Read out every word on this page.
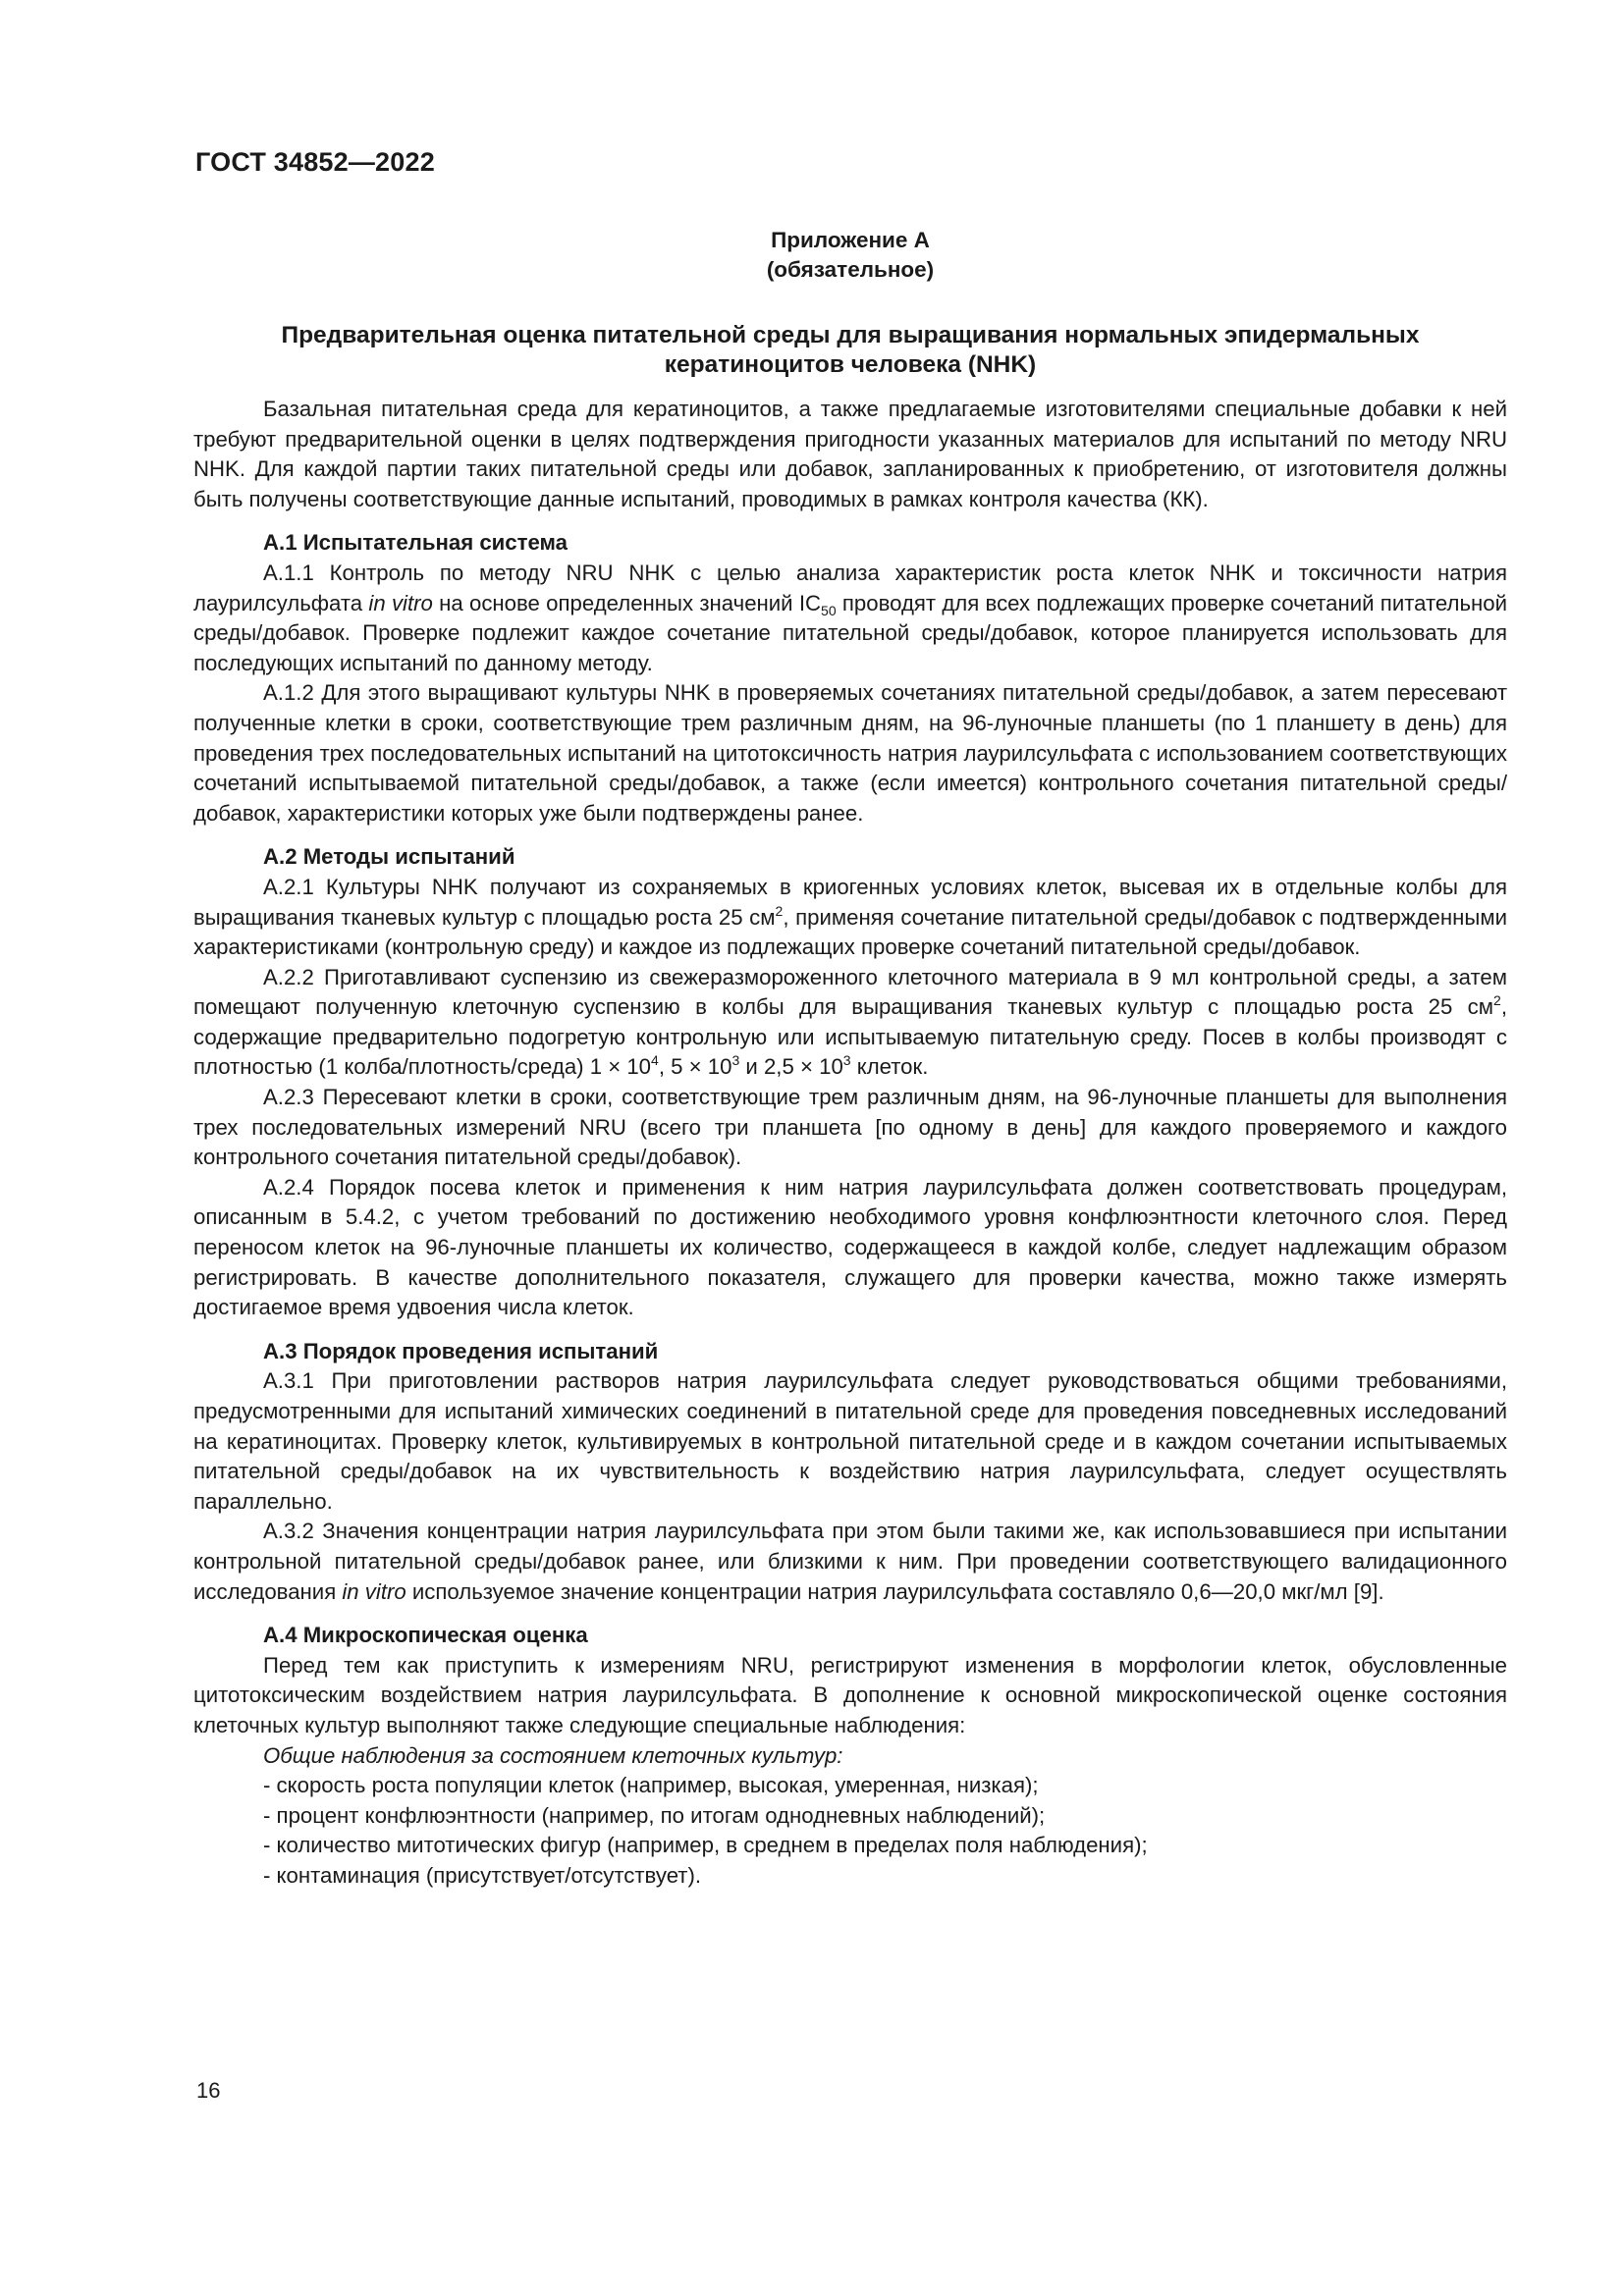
ГОСТ 34852—2022
Приложение А
(обязательное)
Предварительная оценка питательной среды для выращивания нормальных эпидермальных кератиноцитов человека (NHK)

Базальная питательная среда для кератиноцитов, а также предлагаемые изготовителями специальные добавки к ней требуют предварительной оценки в целях подтверждения пригодности указанных материалов для испытаний по методу NRU NHK. Для каждой партии таких питательной среды или добавок, запланированных к приобретению, от изготовителя должны быть получены соответствующие данные испытаний, проводимых в рамках контроля качества (КК).

А.1 Испытательная система

А.1.1 Контроль по методу NRU NHK с целью анализа характеристик роста клеток NHK и токсичности натрия лаурилсульфата in vitro на основе определенных значений $IC_{50}$ проводят для всех подлежащих проверке сочетаний питательной среды/добавок. Проверке подлежит каждое сочетание питательной среды/добавок, которое планируется использовать для последующих испытаний по данному методу.

А.1.2 Для этого выращивают культуры NHK в проверяемых сочетаниях питательной среды/добавок, а затем пересевают полученные клетки в сроки, соответствующие трем различным дням, на 96-луночные планшеты (по 1 планшету в день) для проведения трех последовательных испытаний на цитотоксичность натрия лаурилсульфата с использованием соответствующих сочетаний испытываемой питательной среды/добавок, а также (если имеется) контрольного сочетания питательной среды/добавок, характеристики которых уже были подтверждены ранее.

А.2 Методы испытаний

А.2.1 Культуры NHK получают из сохраняемых в криогенных условиях клеток, высевая их в отдельные колбы для выращивания тканевых культур с площадью роста 25 $см^2$, применяя сочетание питательной среды/добавок с подтвержденными характеристиками (контрольную среду) и каждое из подлежащих проверке сочетаний питательной среды/добавок.

А.2.2 Приготавливают суспензию из свежеразмороженного клеточного материала в 9 мл контрольной среды, а затем помещают полученную клеточную суспензию в колбы для выращивания тканевых культур с площадью роста 25 $см^2$, содержащие предварительно подогретую контрольную или испытываемую питательную среду. Посев в колбы производят с плотностью (1 колба/плотность/среда) $1 \times 10^4$, $5 \times 10^3$ и $2,5 \times 10^3$ клеток.

А.2.3 Пересевают клетки в сроки, соответствующие трем различным дням, на 96-луночные планшеты для выполнения трех последовательных измерений NRU (всего три планшета [по одному в день] для каждого проверяемого и каждого контрольного сочетания питательной среды/добавок).

А.2.4 Порядок посева клеток и применения к ним натрия лаурилсульфата должен соответствовать процедурам, описанным в 5.4.2, с учетом требований по достижению необходимого уровня конфлюэнтности клеточного слоя. Перед переносом клеток на 96-луночные планшеты их количество, содержащееся в каждой колбе, следует надлежащим образом регистрировать. В качестве дополнительного показателя, служащего для проверки качества, можно также измерять достигаемое время удвоения числа клеток.

А.3 Порядок проведения испытаний

А.3.1 При приготовлении растворов натрия лаурилсульфата следует руководствоваться общими требованиями, предусмотренными для испытаний химических соединений в питательной среде для проведения повседневных исследований на кератиноцитах. Проверку клеток, культивируемых в контрольной питательной среде и в каждом сочетании испытываемых питательной среды/добавок на их чувствительность к воздействию натрия лаурилсульфата, следует осуществлять параллельно.

А.3.2 Значения концентрации натрия лаурилсульфата при этом были такими же, как использовавшиеся при испытании контрольной питательной среды/добавок ранее, или близкими к ним. При проведении соответствующего валидационного исследования in vitro используемое значение концентрации натрия лаурилсульфата составляло 0,6—20,0 мкг/мл [9].

А.4 Микроскопическая оценка

Перед тем как приступить к измерениям NRU, регистрируют изменения в морфологии клеток, обусловленные цитотоксическим воздействием натрия лаурилсульфата. В дополнение к основной микроскопической оценке состояния клеточных культур выполняют также следующие специальные наблюдения:

Общие наблюдения за состоянием клеточных культур:

- скорость роста популяции клеток (например, высокая, умеренная, низкая);
- процент конфлюэнтности (например, по итогам однодневных наблюдений);
- количество митотических фигур (например, в среднем в пределах поля наблюдения);
- контаминация (присутствует/отсутствует).
16
